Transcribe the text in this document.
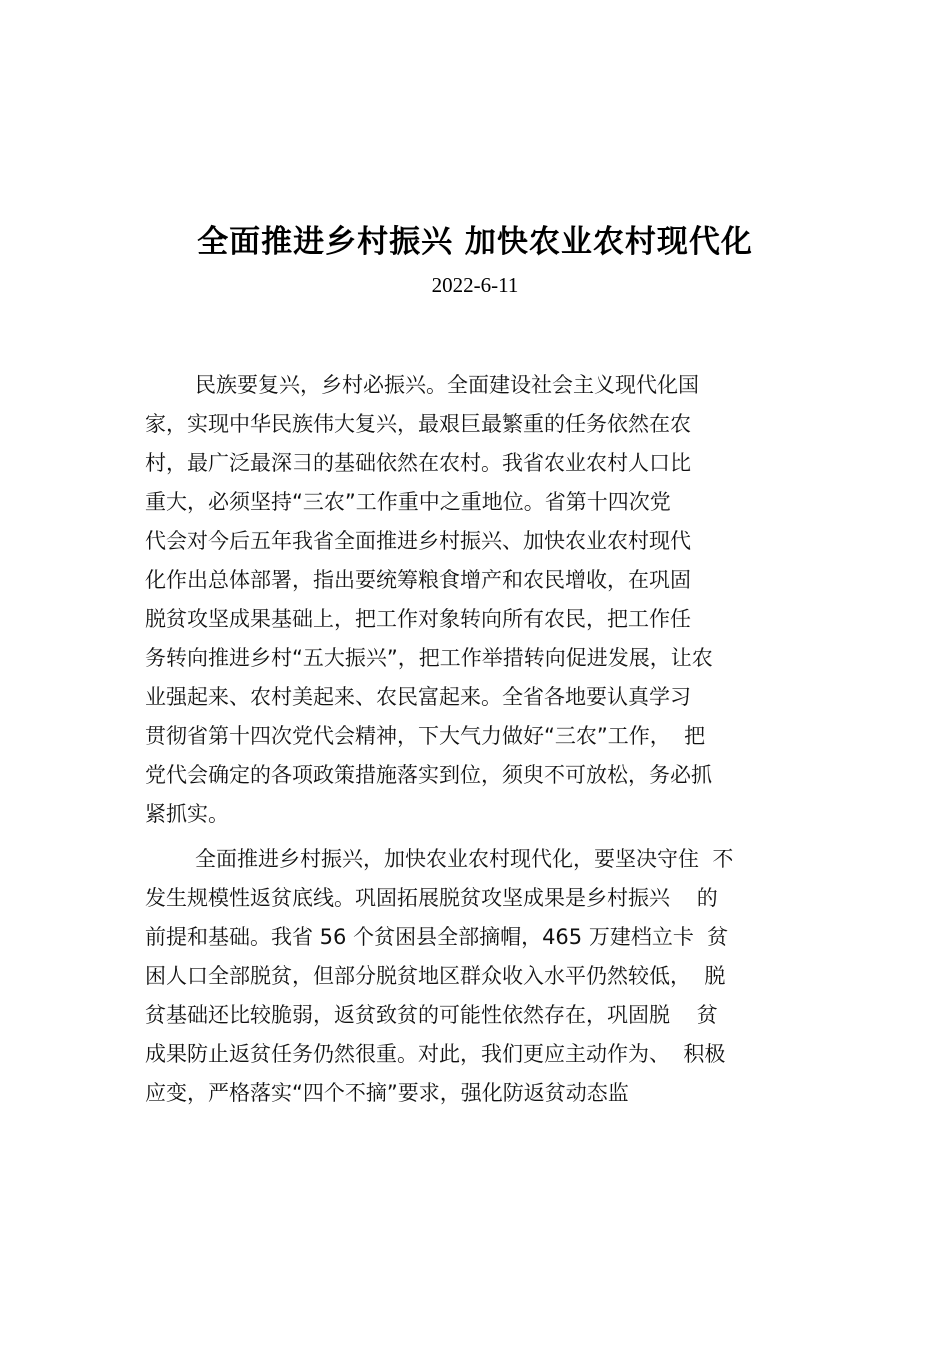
全面推进乡村振兴 加快农业农村现代化
2022-6-11
民族要复兴，乡村必振兴。全面建设社会主义现代化国
家，实现中华民族伟大复兴，最艰巨最繁重的任务依然在农
村，最广泛最深彐的基础依然在农村。我省农业农村人口比
重大，必须坚持“三农”工作重中之重地位。省第十四次党
代会对今后五年我省全面推进乡村振兴、加快农业农村现代
化作出总体部署，指出要统筹粮食增产和农民增收，在巩固
脱贫攻坚成果基础上，把工作对象转向所有农民，把工作任
务转向推进乡村“五大振兴”，把工作举措转向促进发展，让农
业强起来、农村美起来、农民富起来。全省各地要认真学习
贯彻省第十四次党代会精神，下大气力做好“三农”工作，  把
党代会确定的各项政策措施落实到位，须臾不可放松，务必抓
紧抓实。
全面推进乡村振兴，加快农业农村现代化，要坚决守住  不
发生规模性返贫底线。巩固拓展脱贫攻坚成果是乡村振兴    的
前提和基础。我省 56 个贫困县全部摘帽，465 万建档立卡  贫
困人口全部脱贫，但部分脱贫地区群众收入水平仍然较低，  脱
贫基础还比较脆弱，返贫致贫的可能性依然存在，巩固脱    贫
成果防止返贫任务仍然很重。对此，我们更应主动作为、  积极
应变，严格落实“四个不摘”要求，强化防返贫动态监
